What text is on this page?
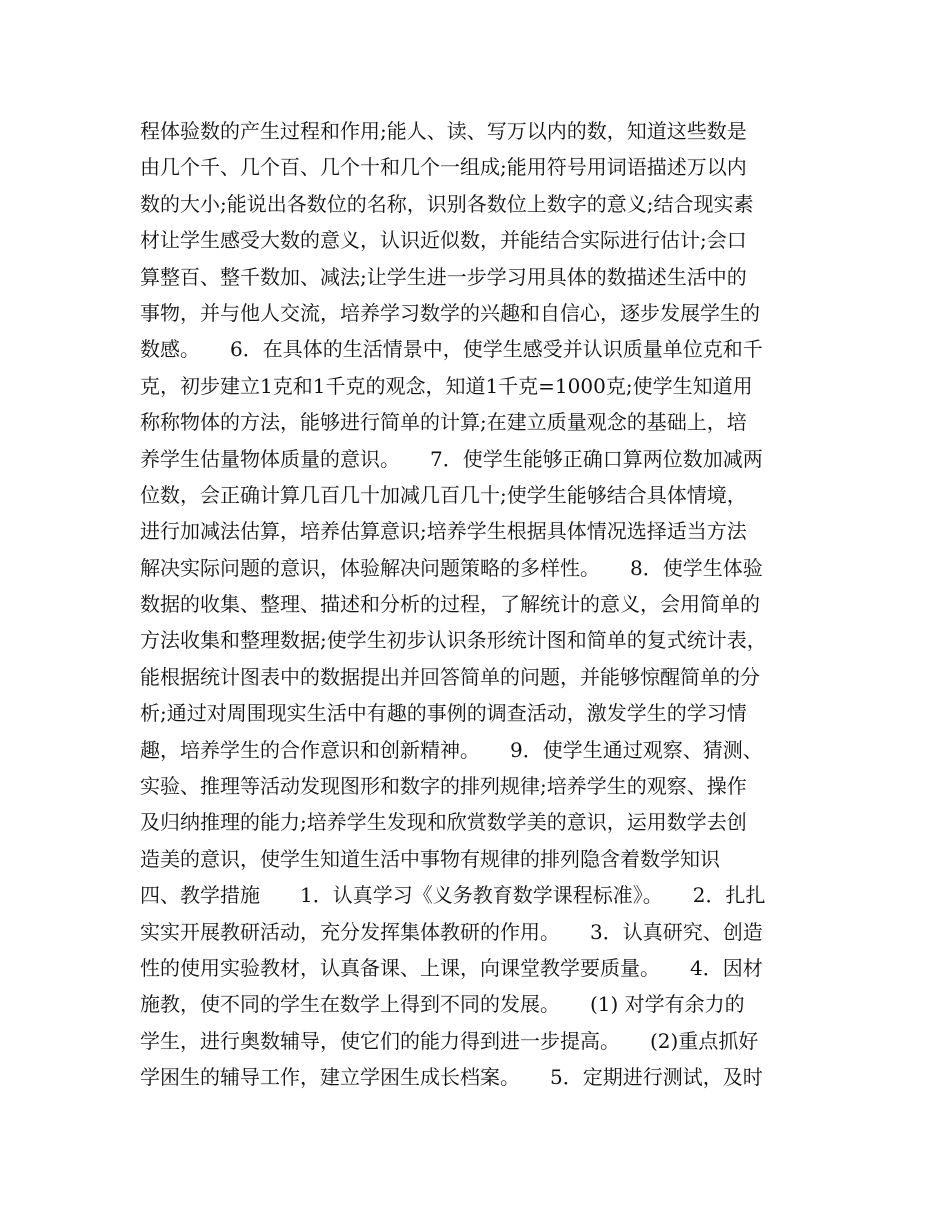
程体验数的产生过程和作用;能人、读、写万以内的数，知道这些数是
由几个千、几个百、几个十和几个一组成;能用符号用词语描述万以内
数的大小;能说出各数位的名称，识别各数位上数字的意义;结合现实素
材让学生感受大数的意义，认识近似数，并能结合实际进行估计;会口
算整百、整千数加、减法;让学生进一步学习用具体的数描述生活中的
事物，并与他人交流，培养学习数学的兴趣和自信心，逐步发展学生的
数感。　　6．在具体的生活情景中，使学生感受并认识质量单位克和千
克，初步建立1克和1千克的观念，知道1千克=1000克;使学生知道用
称称物体的方法，能够进行简单的计算;在建立质量观念的基础上，培
养学生估量物体质量的意识。　　7．使学生能够正确口算两位数加减两
位数，会正确计算几百几十加减几百几十;使学生能够结合具体情境，
进行加减法估算，培养估算意识;培养学生根据具体情况选择适当方法
解决实际问题的意识，体验解决问题策略的多样性。　　8．使学生体验
数据的收集、整理、描述和分析的过程，了解统计的意义，会用简单的
方法收集和整理数据;使学生初步认识条形统计图和简单的复式统计表，
能根据统计图表中的数据提出并回答简单的问题，并能够惊醒简单的分
析;通过对周围现实生活中有趣的事例的调查活动，激发学生的学习情
趣，培养学生的合作意识和创新精神。　　9．使学生通过观察、猜测、
实验、推理等活动发现图形和数字的排列规律;培养学生的观察、操作
及归纳推理的能力;培养学生发现和欣赏数学美的意识，运用数学去创
造美的意识，使学生知道生活中事物有规律的排列隐含着数学知识
四、教学措施　　1．认真学习《义务教育数学课程标准》。　　2．扎扎
实实开展教研活动，充分发挥集体教研的作用。　　3．认真研究、创造
性的使用实验教材，认真备课、上课，向课堂教学要质量。　　4．因材
施教，使不同的学生在数学上得到不同的发展。　　(1) 对学有余力的
学生，进行奥数辅导，使它们的能力得到进一步提高。　　(2)重点抓好
学困生的辅导工作，建立学困生成长档案。　　5．定期进行测试，及时
